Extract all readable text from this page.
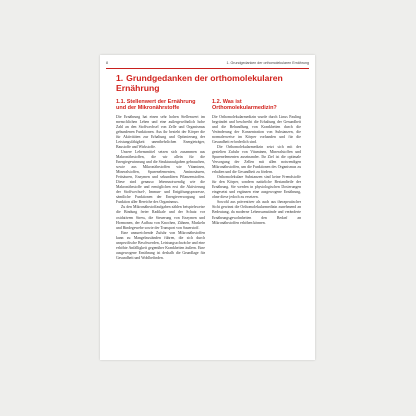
8	1. Grundgedanken der orthomolekularen Ernährung
1. Grundgedanken der orthomolekularen Ernährung
1.1. Stellenwert der Ernährung und der Mikronährstoffe

Die Ernährung hat einen sehr hohen Stellenwert im menschlichen Leben und eine außergewöhnlich hohe Zahl an den Stoffwechsel von Zelle und Organismus gebundenen Funktionen. Aus ihr bezieht der Körper die für Aktivitäten zur Erhaltung und Optimierung der Leistungsfähigkeit unentbehrlichen Energieträger, Baustoffe und Wirkstoffe.

Unsere Lebensmittel setzen sich zusammen aus Makronährstoffen, die wir allein für die Energiegewinnung und die Strukturaufgaben gebrauchen, sowie aus Mikronährstoffen wie Vitaminen, Mineralstoffen, Spurenelementen, Aminosäuren, Fettsäuren, Enzymen und sekundären Pflanzenstoffen. Diese sind genauso lebensnotwendig wie die Makronährstoffe und ermöglichen erst die Aktivierung der Stoffwechsel-, Immun- und Entgiftungsprozesse, sämtliche Funktionen der Energieversorgung und Funktion aller Bereiche des Organismus.

Zu den Mikronährstoffaufgaben zählen beispielsweise die Bindung freier Radikale und der Schutz vor oxidativem Stress, die Steuerung von Enzymen und Hormonen, der Aufbau von Knochen, Zähnen, Muskeln und Bindegewebe sowie der Transport von Sauerstoff.

Eine unzureichende Zufuhr von Mikronährstoffen kann zu Mangelzuständen führen, die sich durch unspezifische Beschwerden, Leistungsschwäche und eine erhöhte Anfälligkeit gegenüber Krankheiten äußern. Eine ausgewogene Ernährung ist deshalb die Grundlage für Gesundheit und Wohlbefinden.

1.2. Was ist Orthomolekularmedizin?

Die Orthomolekularmedizin wurde durch Linus Pauling begründet und beschreibt die Erhaltung der Gesundheit und die Behandlung von Krankheiten durch die Veränderung der Konzentration von Substanzen, die normalerweise im Körper vorhanden und für die Gesundheit erforderlich sind.

Die Orthomolekularmedizin setzt sich mit der gezielten Zufuhr von Vitaminen, Mineralstoffen und Spurenelementen auseinander. Ihr Ziel ist die optimale Versorgung der Zellen mit allen notwendigen Mikronährstoffen, um die Funktionen des Organismus zu erhalten und die Gesundheit zu fördern.

Orthomolekulare Substanzen sind keine Fremdstoffe für den Körper, sondern natürliche Bestandteile der Ernährung. Sie werden in physiologischen Dosierungen eingesetzt und ergänzen eine ausgewogene Ernährung, ohne diese jedoch zu ersetzen.

Sowohl aus präventiver als auch aus therapeutischer Sicht gewinnt die Orthomolekularmedizin zunehmend an Bedeutung, da moderne Lebensumstände und veränderte Ernährungsgewohnheiten den Bedarf an Mikronährstoffen erhöhen können.
